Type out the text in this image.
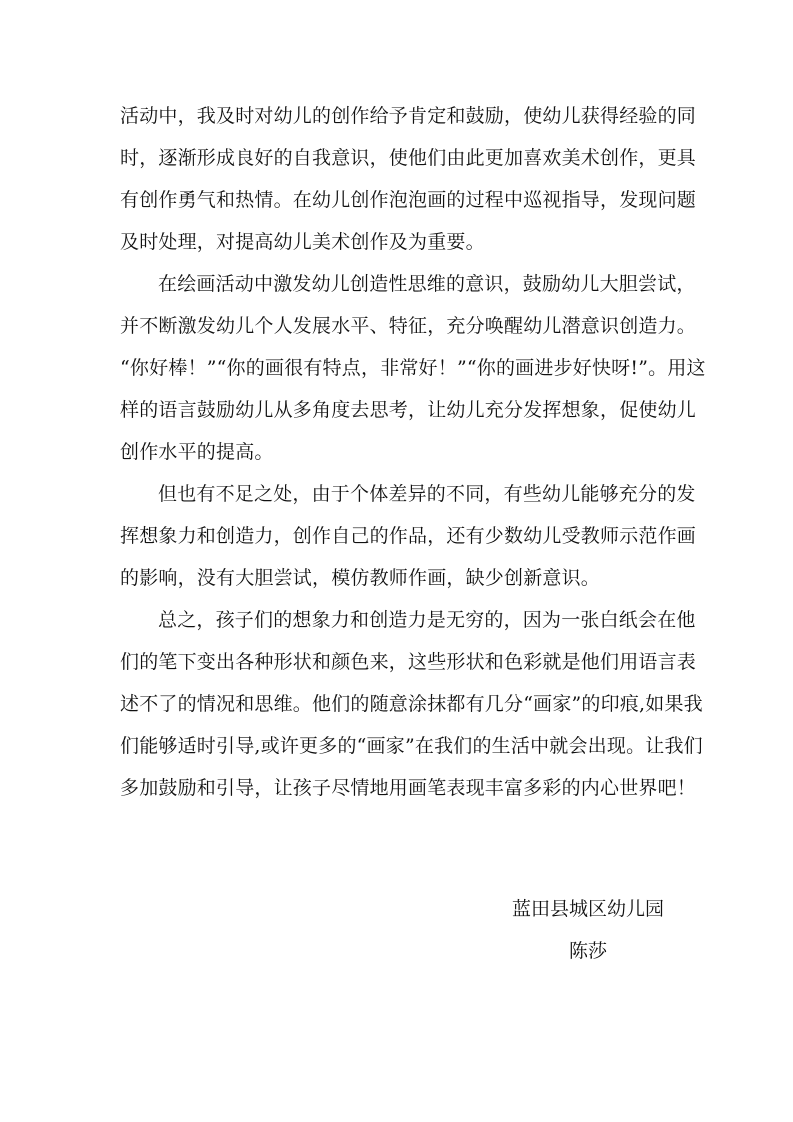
活动中，我及时对幼儿的创作给予肯定和鼓励，使幼儿获得经验的同
时，逐渐形成良好的自我意识，使他们由此更加喜欢美术创作，更具
有创作勇气和热情。在幼儿创作泡泡画的过程中巡视指导，发现问题
及时处理，对提高幼儿美术创作及为重要。
在绘画活动中激发幼儿创造性思维的意识，鼓励幼儿大胆尝试，
并不断激发幼儿个人发展水平、特征，充分唤醒幼儿潜意识创造力。
“你好棒！”“你的画很有特点，非常好！”“你的画进步好快呀!”。用这
样的语言鼓励幼儿从多角度去思考，让幼儿充分发挥想象，促使幼儿
创作水平的提高。
但也有不足之处，由于个体差异的不同，有些幼儿能够充分的发
挥想象力和创造力，创作自己的作品，还有少数幼儿受教师示范作画
的影响，没有大胆尝试，模仿教师作画，缺少创新意识。
总之，孩子们的想象力和创造力是无穷的，因为一张白纸会在他
们的笔下变出各种形状和颜色来，这些形状和色彩就是他们用语言表
述不了的情况和思维。他们的随意涂抹都有几分“画家”的印痕,如果我
们能够适时引导,或许更多的“画家”在我们的生活中就会出现。让我们
多加鼓励和引导，让孩子尽情地用画笔表现丰富多彩的内心世界吧！
蓝田县城区幼儿园
陈莎
